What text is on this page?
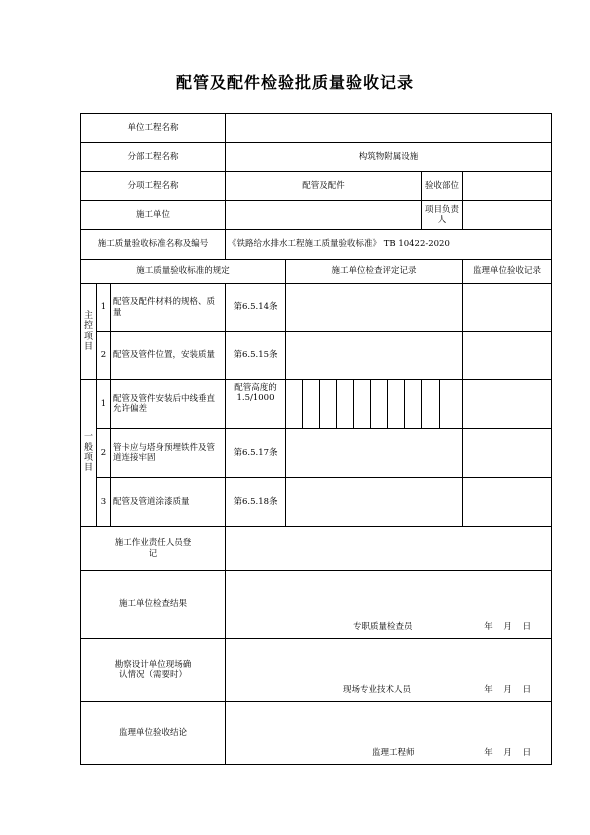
配管及配件检验批质量验收记录
单位工程名称														
分部工程名称			构筑物附属设施											
分项工程名称			配管及配件									验收部位		
施工单位												项目负责人		
施工质量验收标准名称及编号			《铁路给水排水工程施工质量验收标准》 TB 10422-2020											
施工质量验收标准的规定				施工单位检查评定记录										监理单位验收记录
主控项目	1	配管及配件材料的规格、质量	第6.5.14条											
	2	配管及管件位置，安装质量	第6.5.15条											
一般项目	1	配管及管件安装后中线垂直允许偏差	配管高度的1.5/1000											
	2	管卡应与塔身预埋铁件及管道连接牢固	第6.5.17条											
	3	配管及管道涂漆质量	第6.5.18条											
施工作业责任人员登记														
施工单位检查结果			专职质量检查员 年 月 日											

勘察设计单位现场确认情况（需要时）			现场专业技术人员 年 月 日											

监理单位验收结论			监理工程师 年 月 日											
